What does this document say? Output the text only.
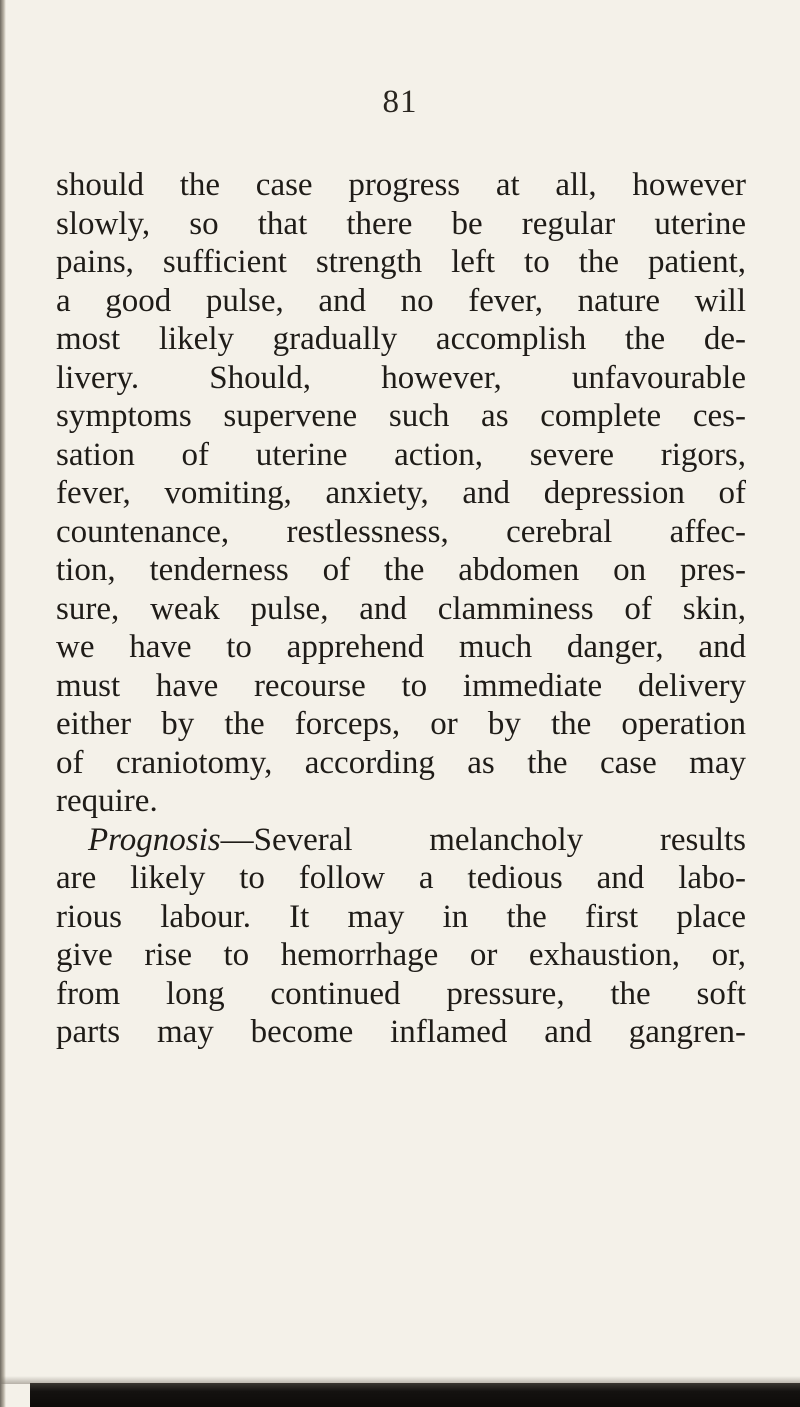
81
should the case progress at all, however
slowly, so that there be regular uterine
pains, sufficient strength left to the patient,
a good pulse, and no fever, nature will
most likely gradually accomplish the de-
livery. Should, however, unfavourable
symptoms supervene such as complete ces-
sation of uterine action, severe rigors,
fever, vomiting, anxiety, and depression of
countenance, restlessness, cerebral affec-
tion, tenderness of the abdomen on pres-
sure, weak pulse, and clamminess of skin,
we have to apprehend much danger, and
must have recourse to immediate delivery
either by the forceps, or by the operation
of craniotomy, according as the case may
require.
Prognosis—Several melancholy results
are likely to follow a tedious and labo-
rious labour. It may in the first place
give rise to hemorrhage or exhaustion, or,
from long continued pressure, the soft
parts may become inflamed and gangren-
